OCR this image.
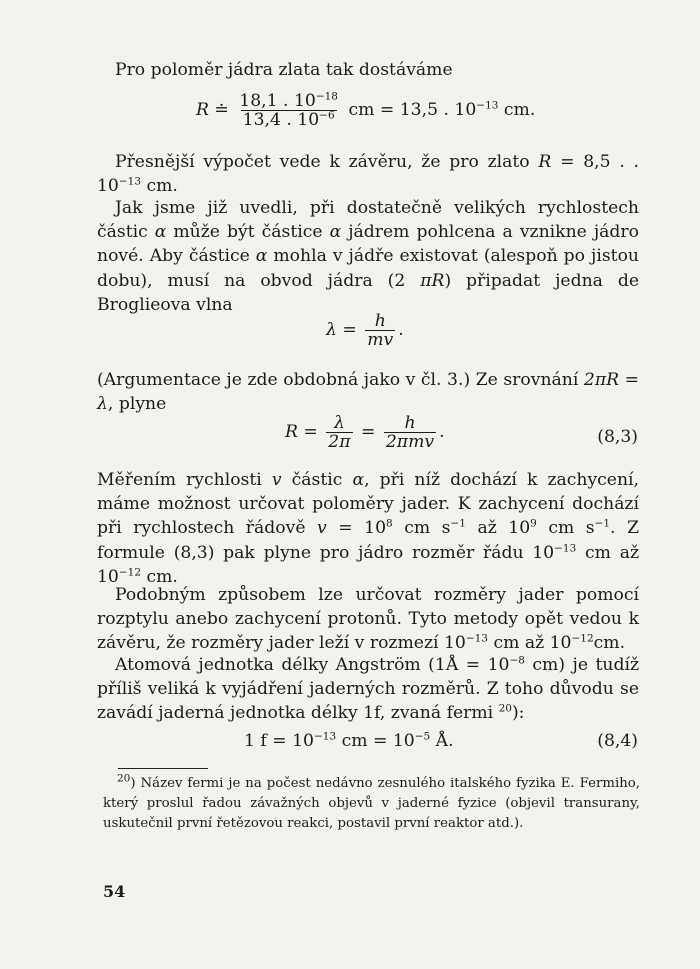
Pro poloměr jádra zlata tak dostáváme

R ≐ $\frac{18,1 . 10^{-18}}{13,4 . 10^{-6}}$ cm = 13,5 . $10^{-13}$ cm.

Přesnější výpočet vede k závěru, že pro zlato R = 8,5 . . $10^{-13}$ cm.

Jak jsme již uvedli, při dostatečně velikých rychlostech částic α může být částice α jádrem pohlcena a vznikne jádro nové. Aby částice α mohla v jádře existovat (alespoň po jistou dobu), musí na obvod jádra (2 πR) připadat jedna de Broglieova vlna

$\lambda = \frac{h}{mv}$ .

(Argumentace je zde obdobná jako v čl. 3.) Ze srovnání 2πR = λ, plyne

$R = \frac{\lambda}{2\pi} = \frac{h}{\text{2πmv}}$ .	(8,3)

Měřením rychlosti v částic α, při níž dochází k zachycení, máme možnost určovat poloměry jader. K zachycení dochází při rychlostech řádově $v = 10^8$ cm $s^{-1}$ až $10^9$ cm $s^{-1}$. Z formule (8,3) pak plyne pro jádro rozměr řádu $10^{-13}$ cm až $10^{-12}$ cm.

Podobným způsobem lze určovat rozměry jader pomocí rozptylu anebo zachycení protonů. Tyto metody opět vedou k závěru, že rozměry jader leží v rozmezí $10^{-13}$ cm až $10^{-12}cm$.

Atomová jednotka délky Angström (1Å = $10^{-8}$ cm) je tudíž příliš veliká k vyjádření jaderných rozměrů. Z toho důvodu se zavádí jaderná jednotka délky 1f, zvaná fermi $^{20}$):

1 $f = 10^{-13}$ cm = $10^{-5}$ Å.	(8,4)

$^{20}$) Název fermi je na počest nedávno zesnulého italského fyzika E. Fermiho, který proslul řadou závažných objevů v jaderné fyzice (objevil transurany, uskutečnil první řetězovou reakci, postavil první reaktor atd.).

54
